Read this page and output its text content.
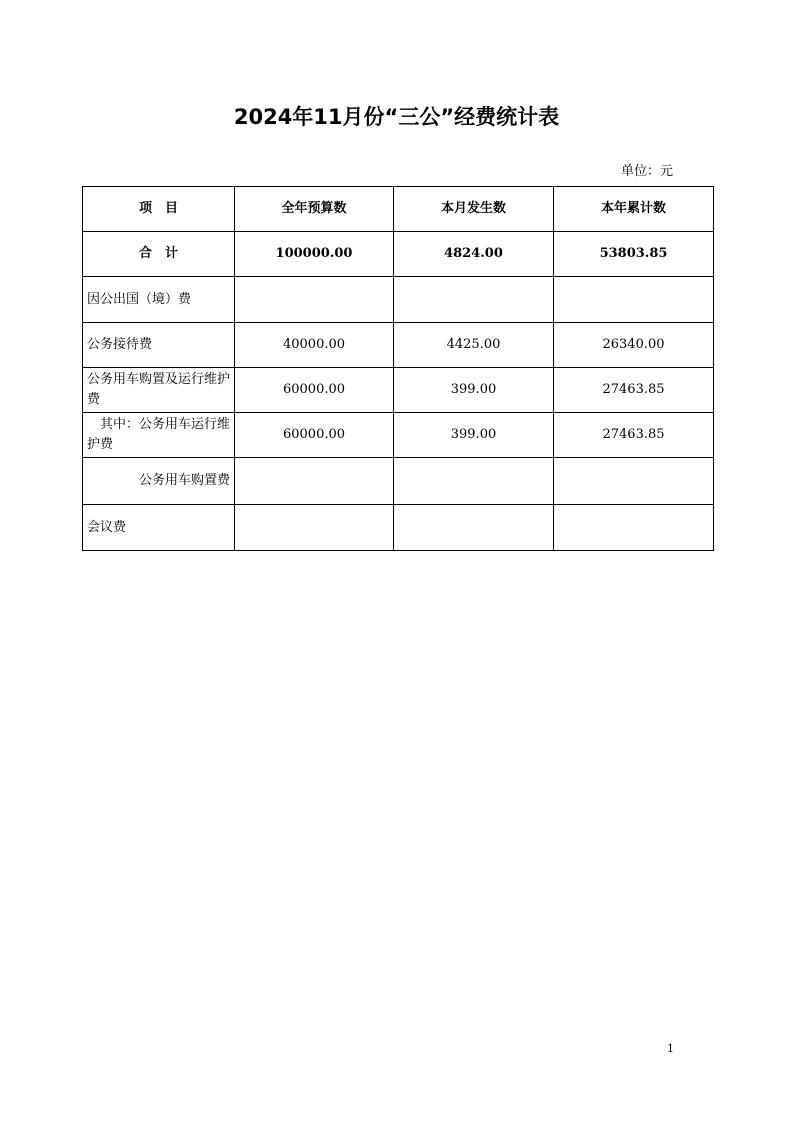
2024年11月份“三公”经费统计表
单位：元
项　目	全年预算数	本月发生数	本年累计数
合　计	100000.00	4824.00	53803.85
因公出国（境）费			
公务接待费	40000.00	4425.00	26340.00
公务用车购置及运行维护费	60000.00	399.00	27463.85
　其中：公务用车运行维护费	60000.00	399.00	27463.85
　　　　公务用车购置费			
会议费			
1
